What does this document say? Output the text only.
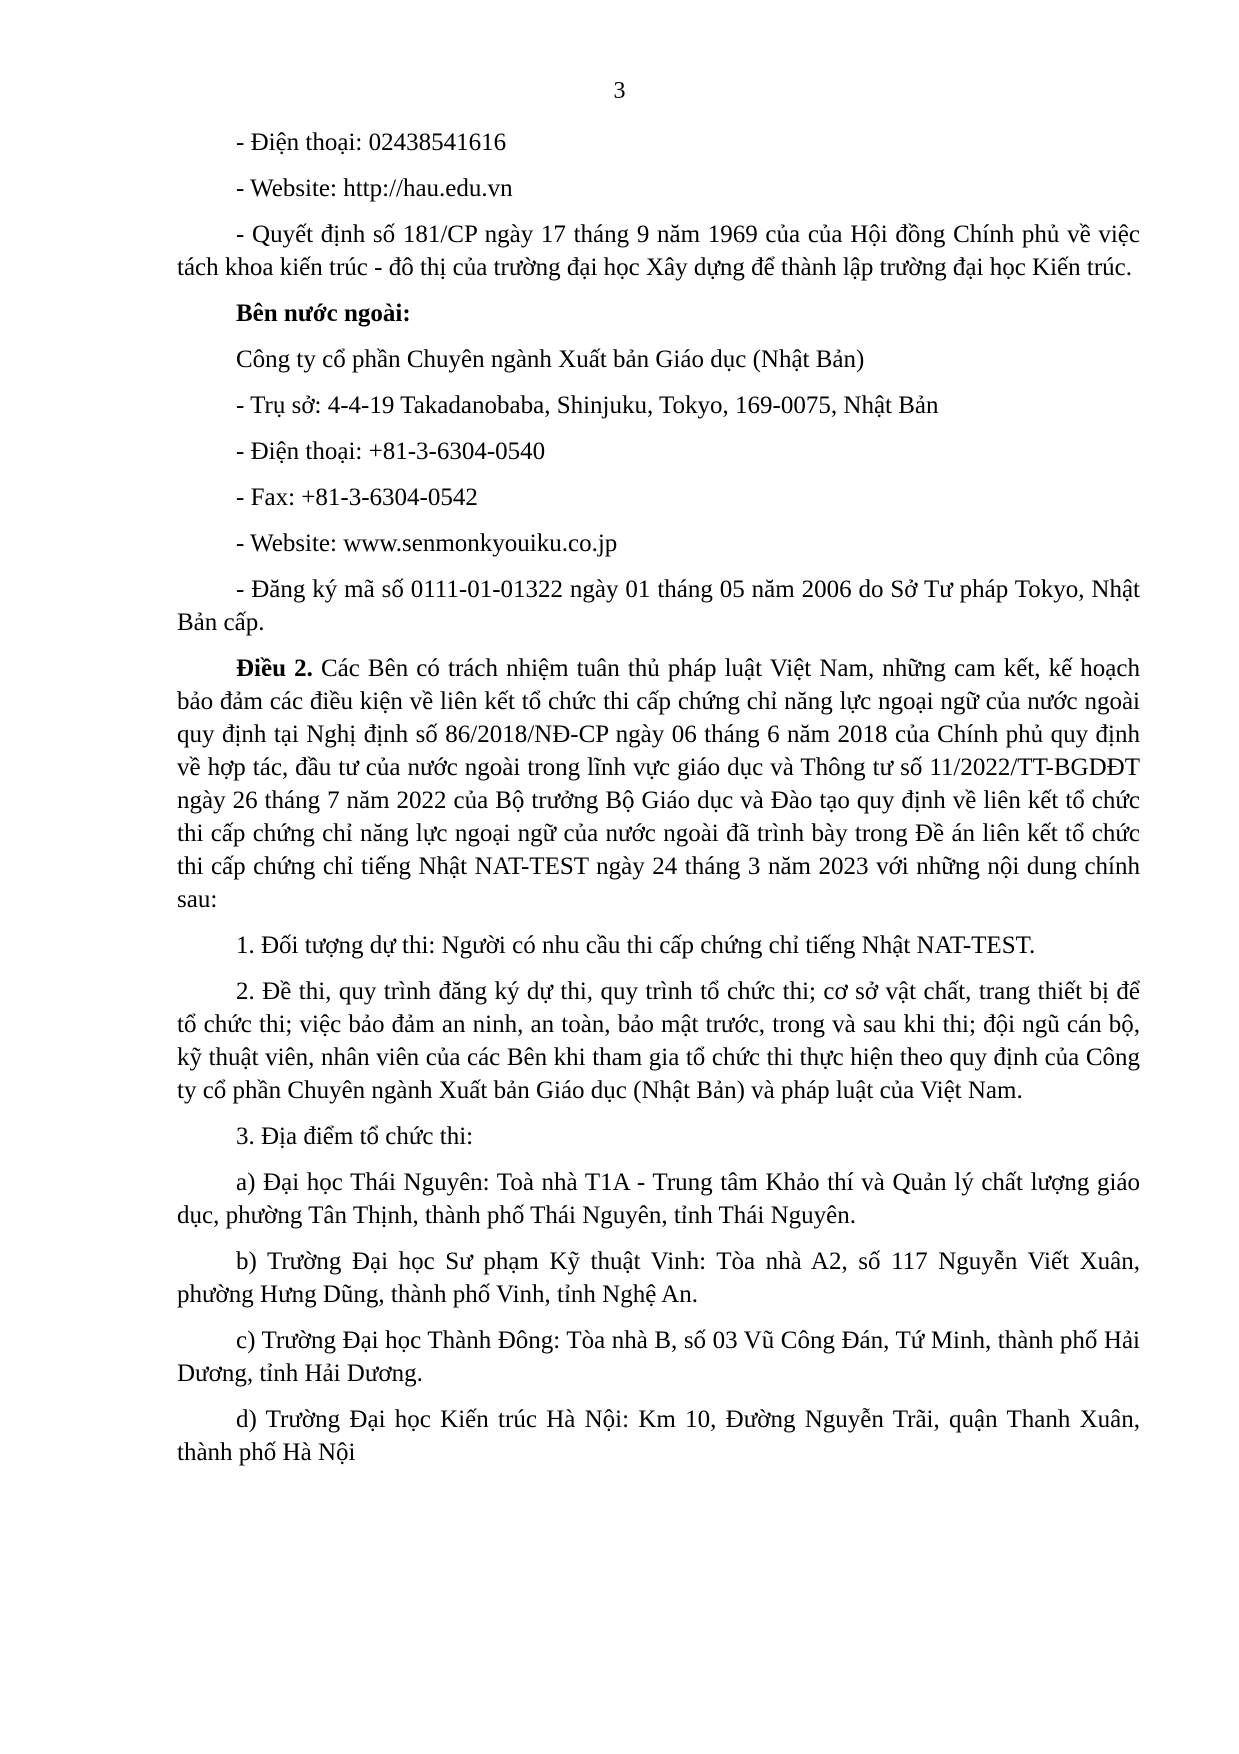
3

- Điện thoại: 02438541616

- Website: http://hau.edu.vn

- Quyết định số 181/CP ngày 17 tháng 9 năm 1969 của của Hội đồng Chính phủ về việc tách khoa kiến trúc - đô thị của trường đại học Xây dựng để thành lập trường đại học Kiến trúc.

Bên nước ngoài:

Công ty cổ phần Chuyên ngành Xuất bản Giáo dục (Nhật Bản)

- Trụ sở: 4-4-19 Takadanobaba, Shinjuku, Tokyo, 169-0075, Nhật Bản

- Điện thoại: +81-3-6304-0540

- Fax: +81-3-6304-0542

- Website: www.senmonkyouiku.co.jp

- Đăng ký mã số 0111-01-01322 ngày 01 tháng 05 năm 2006 do Sở Tư pháp Tokyo, Nhật Bản cấp.

Điều 2. Các Bên có trách nhiệm tuân thủ pháp luật Việt Nam, những cam kết, kế hoạch bảo đảm các điều kiện về liên kết tổ chức thi cấp chứng chỉ năng lực ngoại ngữ của nước ngoài quy định tại Nghị định số 86/2018/NĐ-CP ngày 06 tháng 6 năm 2018 của Chính phủ quy định về hợp tác, đầu tư của nước ngoài trong lĩnh vực giáo dục và Thông tư số 11/2022/TT-BGDĐT ngày 26 tháng 7 năm 2022 của Bộ trưởng Bộ Giáo dục và Đào tạo quy định về liên kết tổ chức thi cấp chứng chỉ năng lực ngoại ngữ của nước ngoài đã trình bày trong Đề án liên kết tổ chức thi cấp chứng chỉ tiếng Nhật NAT-TEST ngày 24 tháng 3 năm 2023 với những nội dung chính sau:

1. Đối tượng dự thi: Người có nhu cầu thi cấp chứng chỉ tiếng Nhật NAT-TEST.

2. Đề thi, quy trình đăng ký dự thi, quy trình tổ chức thi; cơ sở vật chất, trang thiết bị để tổ chức thi; việc bảo đảm an ninh, an toàn, bảo mật trước, trong và sau khi thi; đội ngũ cán bộ, kỹ thuật viên, nhân viên của các Bên khi tham gia tổ chức thi thực hiện theo quy định của Công ty cổ phần Chuyên ngành Xuất bản Giáo dục (Nhật Bản) và pháp luật của Việt Nam.

3. Địa điểm tổ chức thi:

a) Đại học Thái Nguyên: Toà nhà T1A - Trung tâm Khảo thí và Quản lý chất lượng giáo dục, phường Tân Thịnh, thành phố Thái Nguyên, tỉnh Thái Nguyên.

b) Trường Đại học Sư phạm Kỹ thuật Vinh: Tòa nhà A2, số 117 Nguyễn Viết Xuân, phường Hưng Dũng, thành phố Vinh, tỉnh Nghệ An.

c) Trường Đại học Thành Đông: Tòa nhà B, số 03 Vũ Công Đán, Tứ Minh, thành phố Hải Dương, tỉnh Hải Dương.

d) Trường Đại học Kiến trúc Hà Nội: Km 10, Đường Nguyễn Trãi, quận Thanh Xuân, thành phố Hà Nội
